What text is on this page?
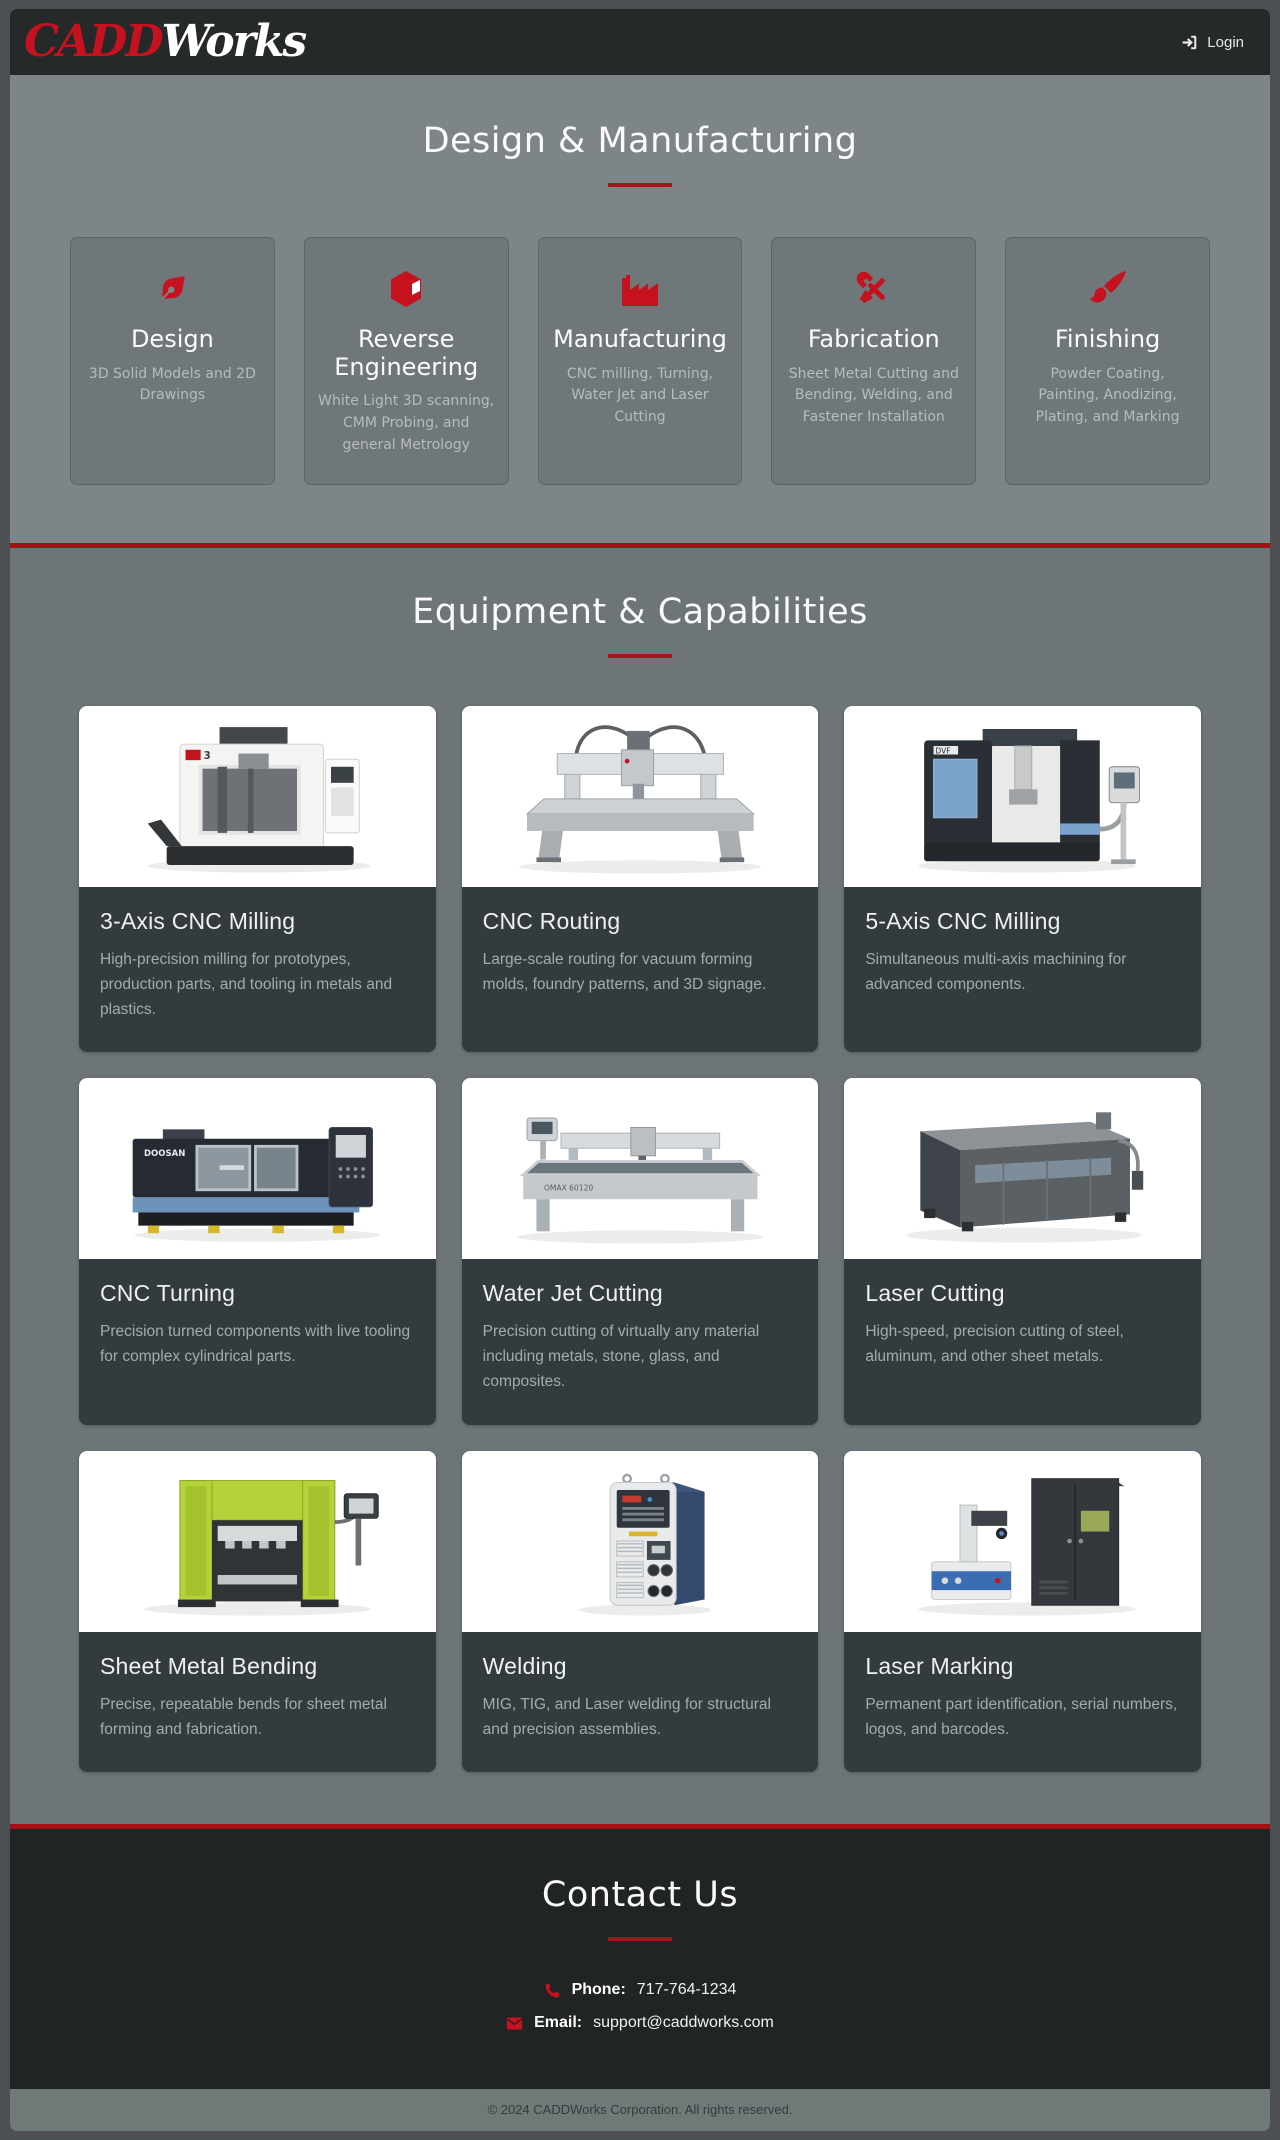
CADDWorks	Login
Design & Manufacturing
Design

3D Solid Models and 2D Drawings

Reverse Engineering

White Light 3D scanning, CMM Probing, and general Metrology

Manufacturing

CNC milling, Turning, Water Jet and Laser Cutting

Fabrication

Sheet Metal Cutting and Bending, Welding, and Fastener Installation

Finishing

Powder Coating, Painting, Anodizing, Plating, and Marking

Equipment & Capabilities
3
3-Axis CNC Milling

High-precision milling for prototypes, production parts, and tooling in metals and plastics.

CNC Routing

Large-scale routing for vacuum forming molds, foundry patterns, and 3D signage.

DVF
5-Axis CNC Milling

Simultaneous multi-axis machining for advanced components.

DOOSAN
CNC Turning

Precision turned components with live tooling for complex cylindrical parts.

OMAX 60120
Water Jet Cutting

Precision cutting of virtually any material including metals, stone, glass, and composites.

Laser Cutting

High-speed, precision cutting of steel, aluminum, and other sheet metals.

Sheet Metal Bending

Precise, repeatable bends for sheet metal forming and fabrication.

Welding

MIG, TIG, and Laser welding for structural and precision assemblies.

Laser Marking

Permanent part identification, serial numbers, logos, and barcodes.

Contact Us
Phone: 717-764-1234
Email: support@caddworks.com
© 2024 CADDWorks Corporation. All rights reserved.
